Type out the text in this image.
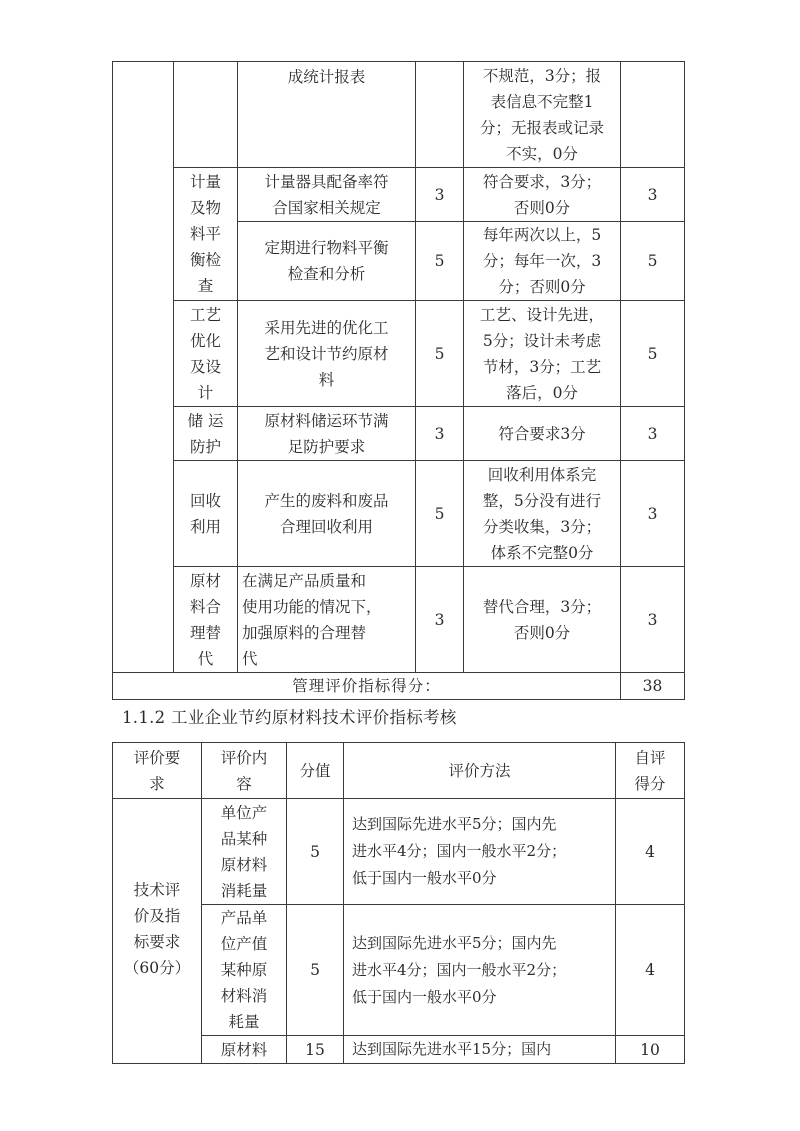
		成统计报表		不规范，3分；报
表信息不完整1
分；无报表或记录
不实，0分	

	计量
及物
料平
衡检
查	计量器具配备率符
合国家相关规定	3	符合要求，3分；
否则0分	3

		定期进行物料平衡
检查和分析	5	每年两次以上，5
分；每年一次，3
分；否则0分	5

	工艺
优化
及设
计	采用先进的优化工
艺和设计节约原材
料	5	工艺、设计先进，
5分；设计未考虑
节材，3分；工艺
落后，0分	5

	储 运
防护	原材料储运环节满
足防护要求	3	符合要求3分	3

	回收
利用	产生的废料和废品
合理回收利用	5	回收利用体系完
整，5分没有进行
分类收集，3分；
体系不完整0分	3

	原材
料合
理替
代	在满足产品质量和
使用功能的情况下，
加强原料的合理替
代	3	替代合理，3分；
否则0分	3
管理评价指标得分：					38

1.1.2 工业企业节约原材料技术评价指标考核

评价要
求	评价内
容	分值	评价方法	自评
得分

技术评
价及指
标要求
（60分）	单位产
品某种
原材料
消耗量	5	达到国际先进水平5分；国内先
进水平4分；国内一般水平2分；
低于国内一般水平0分	4

	产品单
位产值
某种原
材料消
耗量	5	达到国际先进水平5分；国内先
进水平4分；国内一般水平2分；
低于国内一般水平0分	4
	原材料	15	达到国际先进水平15分；国内	10
